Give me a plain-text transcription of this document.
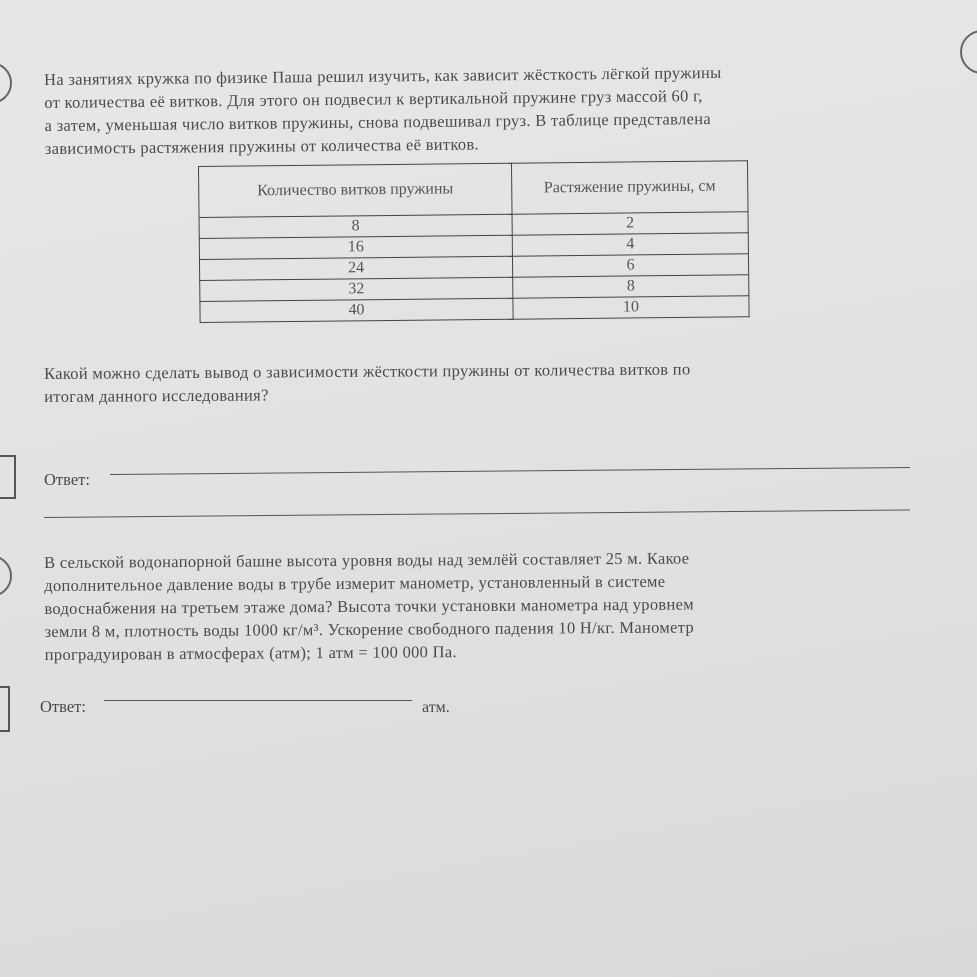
На занятиях кружка по физике Паша решил изучить, как зависит жёсткость лёгкой пружины
от количества её витков. Для этого он подвесил к вертикальной пружине груз массой 60 г,
а затем, уменьшая число витков пружины, снова подвешивал груз. В таблице представлена
зависимость растяжения пружины от количества её витков.
Количество витков пружины	Растяжение пружины, см
8	2
16	4
24	6
32	8
40	10
Какой можно сделать вывод о зависимости жёсткости пружины от количества витков по
итогам данного исследования?
Ответ:
В сельской водонапорной башне высота уровня воды над землёй составляет 25 м. Какое
дополнительное давление воды в трубе измерит манометр, установленный в системе
водоснабжения на третьем этаже дома? Высота точки установки манометра над уровнем
земли 8 м, плотность воды 1000 кг/м³. Ускорение свободного падения 10 Н/кг. Манометр
проградуирован в атмосферах (атм); 1 атм = 100 000 Па.
Ответ:	атм.
